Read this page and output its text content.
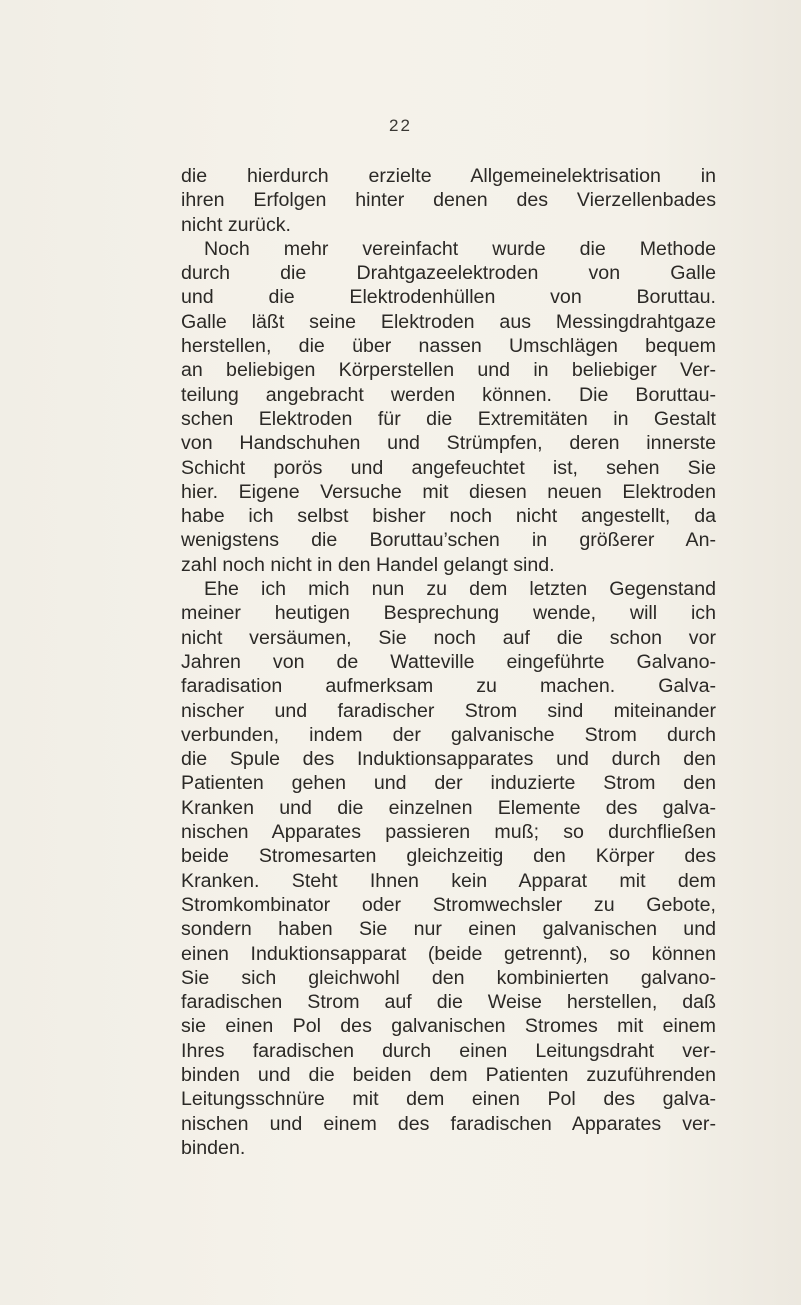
22
die hierdurch erzielte Allgemeinelektrisation in
ihren Erfolgen hinter denen des Vierzellenbades
nicht zurück.
Noch mehr vereinfacht wurde die Methode
durch die Drahtgazeelektroden von Galle
und die Elektrodenhüllen von Boruttau.
Galle läßt seine Elektroden aus Messingdrahtgaze
herstellen, die über nassen Umschlägen bequem
an beliebigen Körperstellen und in beliebiger Ver-
teilung angebracht werden können. Die Boruttau-
schen Elektroden für die Extremitäten in Gestalt
von Handschuhen und Strümpfen, deren innerste
Schicht porös und angefeuchtet ist, sehen Sie
hier. Eigene Versuche mit diesen neuen Elektroden
habe ich selbst bisher noch nicht angestellt, da
wenigstens die Boruttau’schen in größerer An-
zahl noch nicht in den Handel gelangt sind.
Ehe ich mich nun zu dem letzten Gegenstand
meiner heutigen Besprechung wende, will ich
nicht versäumen, Sie noch auf die schon vor
Jahren von de Watteville eingeführte Galvano-
faradisation aufmerksam zu machen. Galva-
nischer und faradischer Strom sind miteinander
verbunden, indem der galvanische Strom durch
die Spule des Induktionsapparates und durch den
Patienten gehen und der induzierte Strom den
Kranken und die einzelnen Elemente des galva-
nischen Apparates passieren muß; so durchfließen
beide Stromesarten gleichzeitig den Körper des
Kranken. Steht Ihnen kein Apparat mit dem
Stromkombinator oder Stromwechsler zu Gebote,
sondern haben Sie nur einen galvanischen und
einen Induktionsapparat (beide getrennt), so können
Sie sich gleichwohl den kombinierten galvano-
faradischen Strom auf die Weise herstellen, daß
sie einen Pol des galvanischen Stromes mit einem
Ihres faradischen durch einen Leitungsdraht ver-
binden und die beiden dem Patienten zuzuführenden
Leitungsschnüre mit dem einen Pol des galva-
nischen und einem des faradischen Apparates ver-
binden.
